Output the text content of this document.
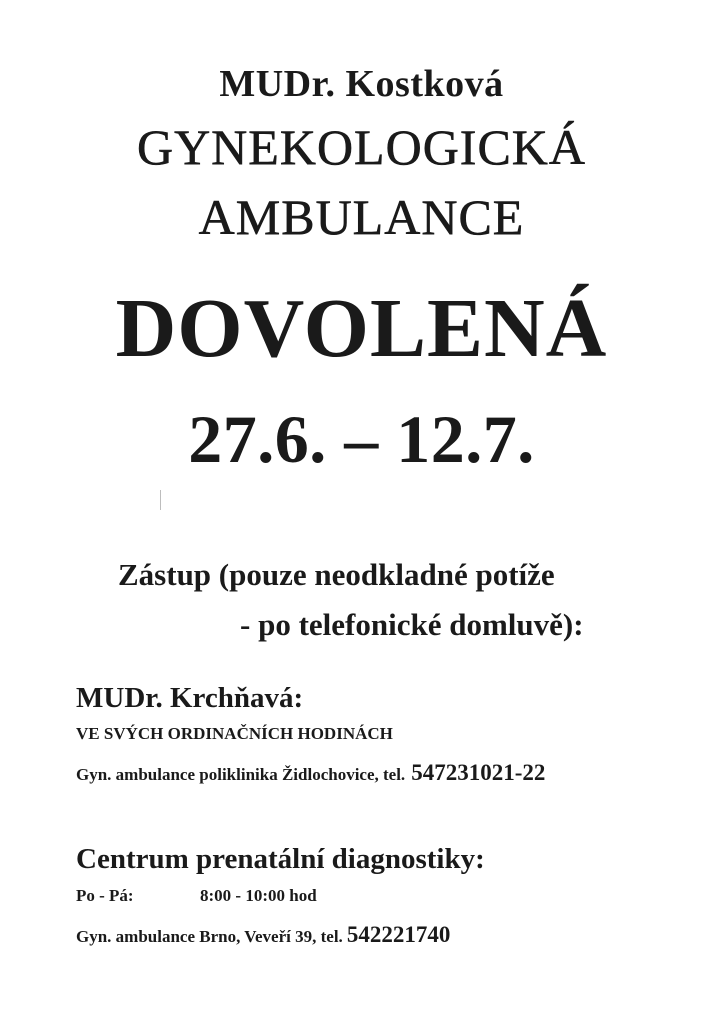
MUDr. Kostková
GYNEKOLOGICKÁ
AMBULANCE
DOVOLENÁ
27.6. – 12.7.
Zástup (pouze neodkladné potíže
- po telefonické domluvě):
MUDr. Krchňavá:
VE SVÝCH ORDINAČNÍCH HODINÁCH
Gyn. ambulance poliklinika Židlochovice, tel. 547231021-22
Centrum prenatální diagnostiky:
Po - Pá:	8:00 - 10:00 hod
Gyn. ambulance Brno, Veveří 39, tel. 542221740
